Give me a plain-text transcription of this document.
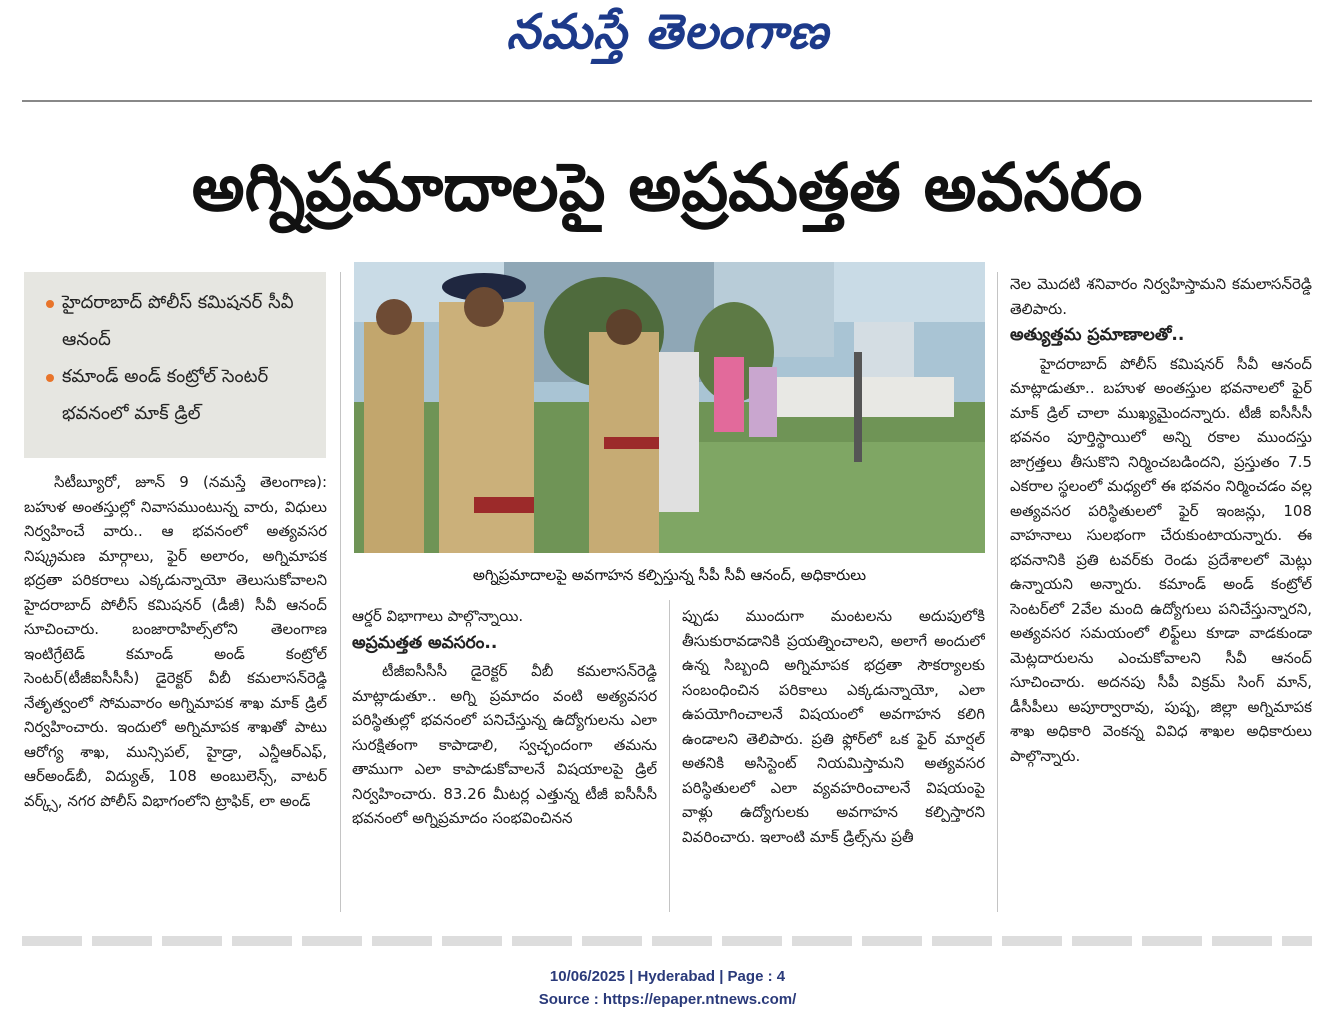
నమస్తే తెలంగాణ
అగ్నిప్రమాదాలపై అప్రమత్తత అవసరం
హైదరాబాద్ పోలీస్ కమిషనర్ సీవీ ఆనంద్
కమాండ్ అండ్ కంట్రోల్ సెంటర్ భవనంలో మాక్ డ్రిల్
అగ్నిప్రమాదాలపై అవగాహన కల్పిస్తున్న సీపీ సీవీ ఆనంద్, అధికారులు

సిటీబ్యూరో, జూన్ 9 (నమస్తే తెలంగాణ): బహుళ అంతస్తుల్లో నివాసముంటున్న వారు, విధులు నిర్వహించే వారు.. ఆ భవనంలో అత్యవసర నిష్క్రమణ మార్గాలు, ఫైర్ అలారం, అగ్నిమాపక భద్రతా పరికరాలు ఎక్కడున్నాయో తెలుసుకోవాలని హైదరాబాద్ పోలీస్ కమిషనర్ (డీజీ) సీవీ ఆనంద్ సూచించారు. బంజారాహిల్స్‌లోని తెలంగాణ ఇంటిగ్రేటెడ్ కమాండ్ అండ్ కంట్రోల్ సెంటర్(టీజీఐసీసీసీ) డైరెక్టర్ వీబీ కమలాసన్‌రెడ్డి నేతృత్వంలో సోమవారం అగ్నిమాపక శాఖ మాక్ డ్రిల్ నిర్వహించారు. ఇందులో అగ్నిమాపక శాఖతో పాటు ఆరోగ్య శాఖ, మున్సిపల్, హైడ్రా, ఎన్డీఆర్ఎఫ్, ఆర్అండ్‌బీ, విద్యుత్, 108 అంబులెన్స్, వాటర్ వర్క్స్, నగర పోలీస్ విభాగంలోని ట్రాఫిక్, లా అండ్

ఆర్డర్ విభాగాలు పాల్గొన్నాయి.

అప్రమత్తత అవసరం..

టీజీఐసీసీసీ డైరెక్టర్ వీబీ కమలాసన్‌రెడ్డి మాట్లాడుతూ.. అగ్ని ప్రమాదం వంటి అత్యవసర పరిస్థితుల్లో భవనంలో పనిచేస్తున్న ఉద్యోగులను ఎలా సురక్షితంగా కాపాడాలి, స్వచ్ఛందంగా తమను తాముగా ఎలా కాపాడుకోవాలనే విషయాలపై డ్రిల్ నిర్వహించారు. 83.26 మీటర్ల ఎత్తున్న టీజీ ఐసీసీసీ భవనంలో అగ్నిప్రమాదం సంభవించినన

ప్పుడు ముందుగా మంటలను అదుపులోకి తీసుకురావడానికి ప్రయత్నించాలని, అలాగే అందులో ఉన్న సిబ్బంది అగ్నిమాపక భద్రతా సౌకర్యాలకు సంబంధించిన పరికాలు ఎక్కడున్నాయో, ఎలా ఉపయోగించాలనే విషయంలో అవగాహన కలిగి ఉండాలని తెలిపారు. ప్రతి ఫ్లోర్‌లో ఒక ఫైర్ మార్షల్ అతనికి అసిస్టెంట్ నియమిస్తామని అత్యవసర పరిస్థితులలో ఎలా వ్యవహరించాలనే విషయంపై వాళ్లు ఉద్యోగులకు అవగాహన కల్పిస్తారని వివరించారు. ఇలాంటి మాక్ డ్రిల్స్‌ను ప్రతీ

నెల మొదటి శనివారం నిర్వహిస్తామని కమలాసన్‌రెడ్డి తెలిపారు.

అత్యుత్తమ ప్రమాణాలతో..

హైదరాబాద్ పోలీస్ కమిషనర్ సీవీ ఆనంద్ మాట్లాడుతూ.. బహుళ అంతస్తుల భవనాలలో ఫైర్ మాక్ డ్రిల్ చాలా ముఖ్యమైందన్నారు. టీజీ ఐసీసీసీ భవనం పూర్తిస్థాయిలో అన్ని రకాల ముందస్తు జాగ్రత్తలు తీసుకొని నిర్మించబడిందని, ప్రస్తుతం 7.5 ఎకరాల స్థలంలో మధ్యలో ఈ భవనం నిర్మించడం వల్ల అత్యవసర పరిస్థితులలో ఫైర్ ఇంజన్లు, 108 వాహనాలు సులభంగా చేరుకుంటాయన్నారు. ఈ భవనానికి ప్రతి టవర్‌కు రెండు ప్రదేశాలలో మెట్లు ఉన్నాయని అన్నారు. కమాండ్ అండ్ కంట్రోల్ సెంటర్‌లో 2వేల మంది ఉద్యోగులు పనిచేస్తున్నారని, అత్యవసర సమయంలో లిఫ్ట్‌లు కూడా వాడకుండా మెట్లదారులను ఎంచుకోవాలని సీవీ ఆనంద్ సూచించారు. అదనపు సీపీ విక్రమ్ సింగ్ మాన్, డీసీపీలు అపూర్వారావు, పుష్ప, జిల్లా అగ్నిమాపక శాఖ అధికారి వెంకన్న వివిధ శాఖల అధికారులు పాల్గొన్నారు.

10/06/2025 | Hyderabad | Page : 4
Source : https://epaper.ntnews.com/
